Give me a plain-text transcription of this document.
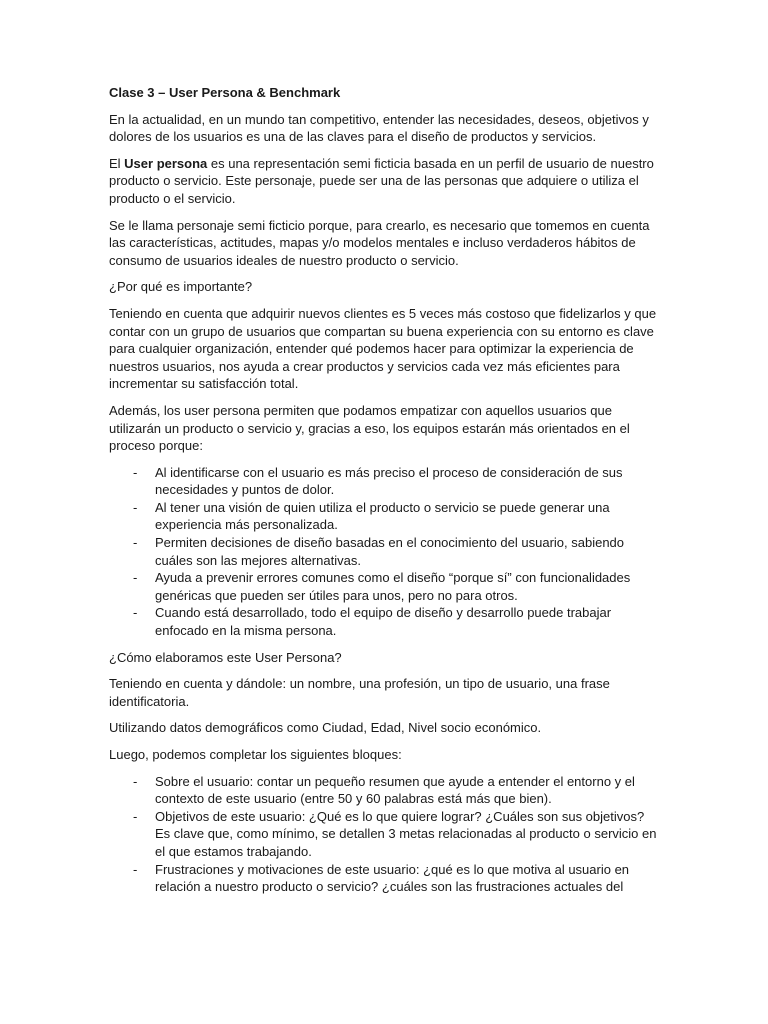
Clase 3 – User Persona & Benchmark

En la actualidad, en un mundo tan competitivo, entender las necesidades, deseos, objetivos y dolores de los usuarios es una de las claves para el diseño de productos y servicios.

El User persona es una representación semi ficticia basada en un perfil de usuario de nuestro producto o servicio. Este personaje, puede ser una de las personas que adquiere o utiliza el producto o el servicio.

Se le llama personaje semi ficticio porque, para crearlo, es necesario que tomemos en cuenta las características, actitudes, mapas y/o modelos mentales e incluso verdaderos hábitos de consumo de usuarios ideales de nuestro producto o servicio.

¿Por qué es importante?

Teniendo en cuenta que adquirir nuevos clientes es 5 veces más costoso que fidelizarlos y que contar con un grupo de usuarios que compartan su buena experiencia con su entorno es clave para cualquier organización, entender qué podemos hacer para optimizar la experiencia de nuestros usuarios, nos ayuda a crear productos y servicios cada vez más eficientes para incrementar su satisfacción total.

Además, los user persona permiten que podamos empatizar con aquellos usuarios que utilizarán un producto o servicio y, gracias a eso, los equipos estarán más orientados en el proceso porque:

- Al identificarse con el usuario es más preciso el proceso de consideración de sus necesidades y puntos de dolor.
- Al tener una visión de quien utiliza el producto o servicio se puede generar una experiencia más personalizada.
- Permiten decisiones de diseño basadas en el conocimiento del usuario, sabiendo cuáles son las mejores alternativas.
- Ayuda a prevenir errores comunes como el diseño “porque sí” con funcionalidades genéricas que pueden ser útiles para unos, pero no para otros.
- Cuando está desarrollado, todo el equipo de diseño y desarrollo puede trabajar enfocado en la misma persona.

¿Cómo elaboramos este User Persona?

Teniendo en cuenta y dándole: un nombre, una profesión, un tipo de usuario, una frase identificatoria.

Utilizando datos demográficos como Ciudad, Edad, Nivel socio económico.

Luego, podemos completar los siguientes bloques:

- Sobre el usuario: contar un pequeño resumen que ayude a entender el entorno y el contexto de este usuario (entre 50 y 60 palabras está más que bien).
- Objetivos de este usuario: ¿Qué es lo que quiere lograr? ¿Cuáles son sus objetivos? Es clave que, como mínimo, se detallen 3 metas relacionadas al producto o servicio en el que estamos trabajando.
- Frustraciones y motivaciones de este usuario: ¿qué es lo que motiva al usuario en relación a nuestro producto o servicio? ¿cuáles son las frustraciones actuales del
